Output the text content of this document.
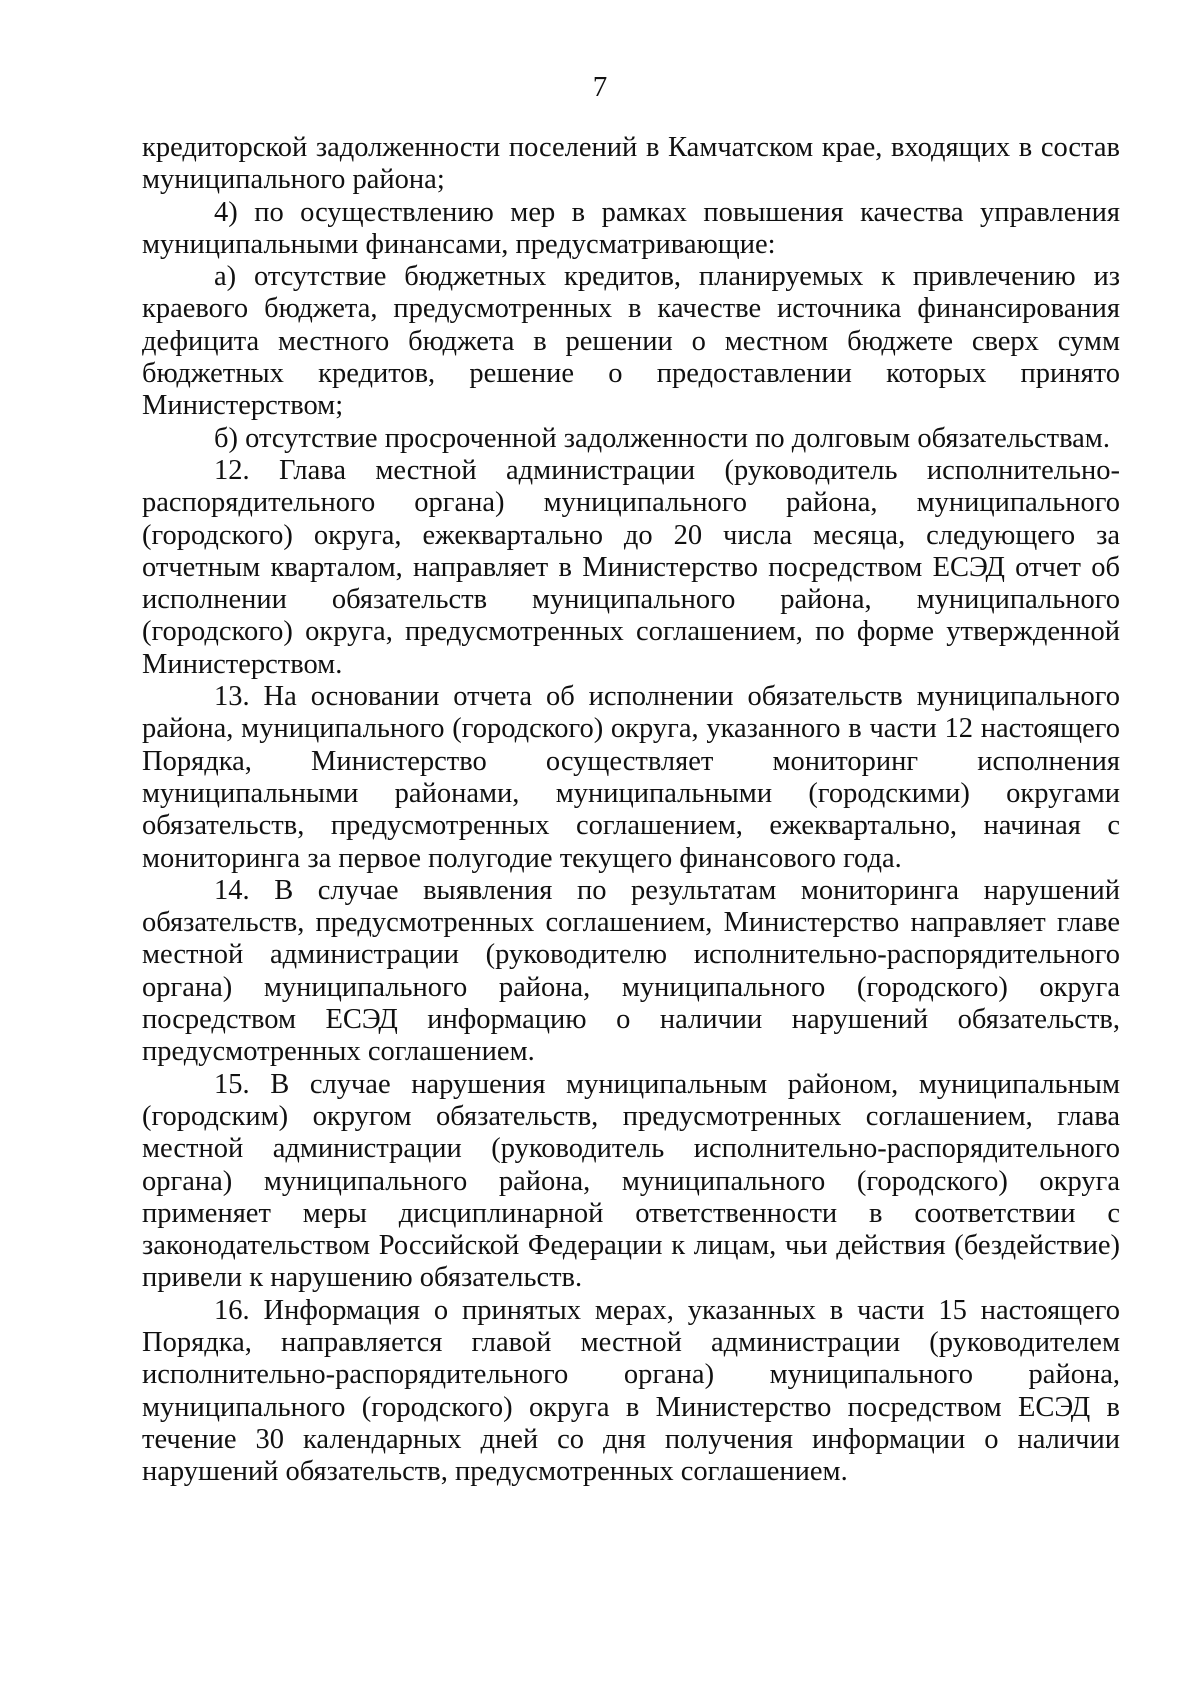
7

кредиторской задолженности поселений в Камчатском крае, входящих в состав муниципального района;

4) по осуществлению мер в рамках повышения качества управления муниципальными финансами, предусматривающие:

а) отсутствие бюджетных кредитов, планируемых к привлечению из краевого бюджета, предусмотренных в качестве источника финансирования дефицита местного бюджета в решении о местном бюджете сверх сумм бюджетных кредитов, решение о предоставлении которых принято Министерством;

б) отсутствие просроченной задолженности по долговым обязательствам.

12. Глава местной администрации (руководитель исполнительно-распорядительного органа) муниципального района, муниципального (городского) округа, ежеквартально до 20 числа месяца, следующего за отчетным кварталом, направляет в Министерство посредством ЕСЭД отчет об исполнении обязательств муниципального района, муниципального (городского) округа, предусмотренных соглашением, по форме утвержденной Министерством.

13. На основании отчета об исполнении обязательств муниципального района, муниципального (городского) округа, указанного в части 12 настоящего Порядка, Министерство осуществляет мониторинг исполнения муниципальными районами, муниципальными (городскими) округами обязательств, предусмотренных соглашением, ежеквартально, начиная с мониторинга за первое полугодие текущего финансового года.

14. В случае выявления по результатам мониторинга нарушений обязательств, предусмотренных соглашением, Министерство направляет главе местной администрации (руководителю исполнительно-распорядительного органа) муниципального района, муниципального (городского) округа посредством ЕСЭД информацию о наличии нарушений обязательств, предусмотренных соглашением.

15. В случае нарушения муниципальным районом, муниципальным (городским) округом обязательств, предусмотренных соглашением, глава местной администрации (руководитель исполнительно-распорядительного органа) муниципального района, муниципального (городского) округа применяет меры дисциплинарной ответственности в соответствии с законодательством Российской Федерации к лицам, чьи действия (бездействие) привели к нарушению обязательств.

16. Информация о принятых мерах, указанных в части 15 настоящего Порядка, направляется главой местной администрации (руководителем исполнительно-распорядительного органа) муниципального района, муниципального (городского) округа в Министерство посредством ЕСЭД в течение 30 календарных дней со дня получения информации о наличии нарушений обязательств, предусмотренных соглашением.
